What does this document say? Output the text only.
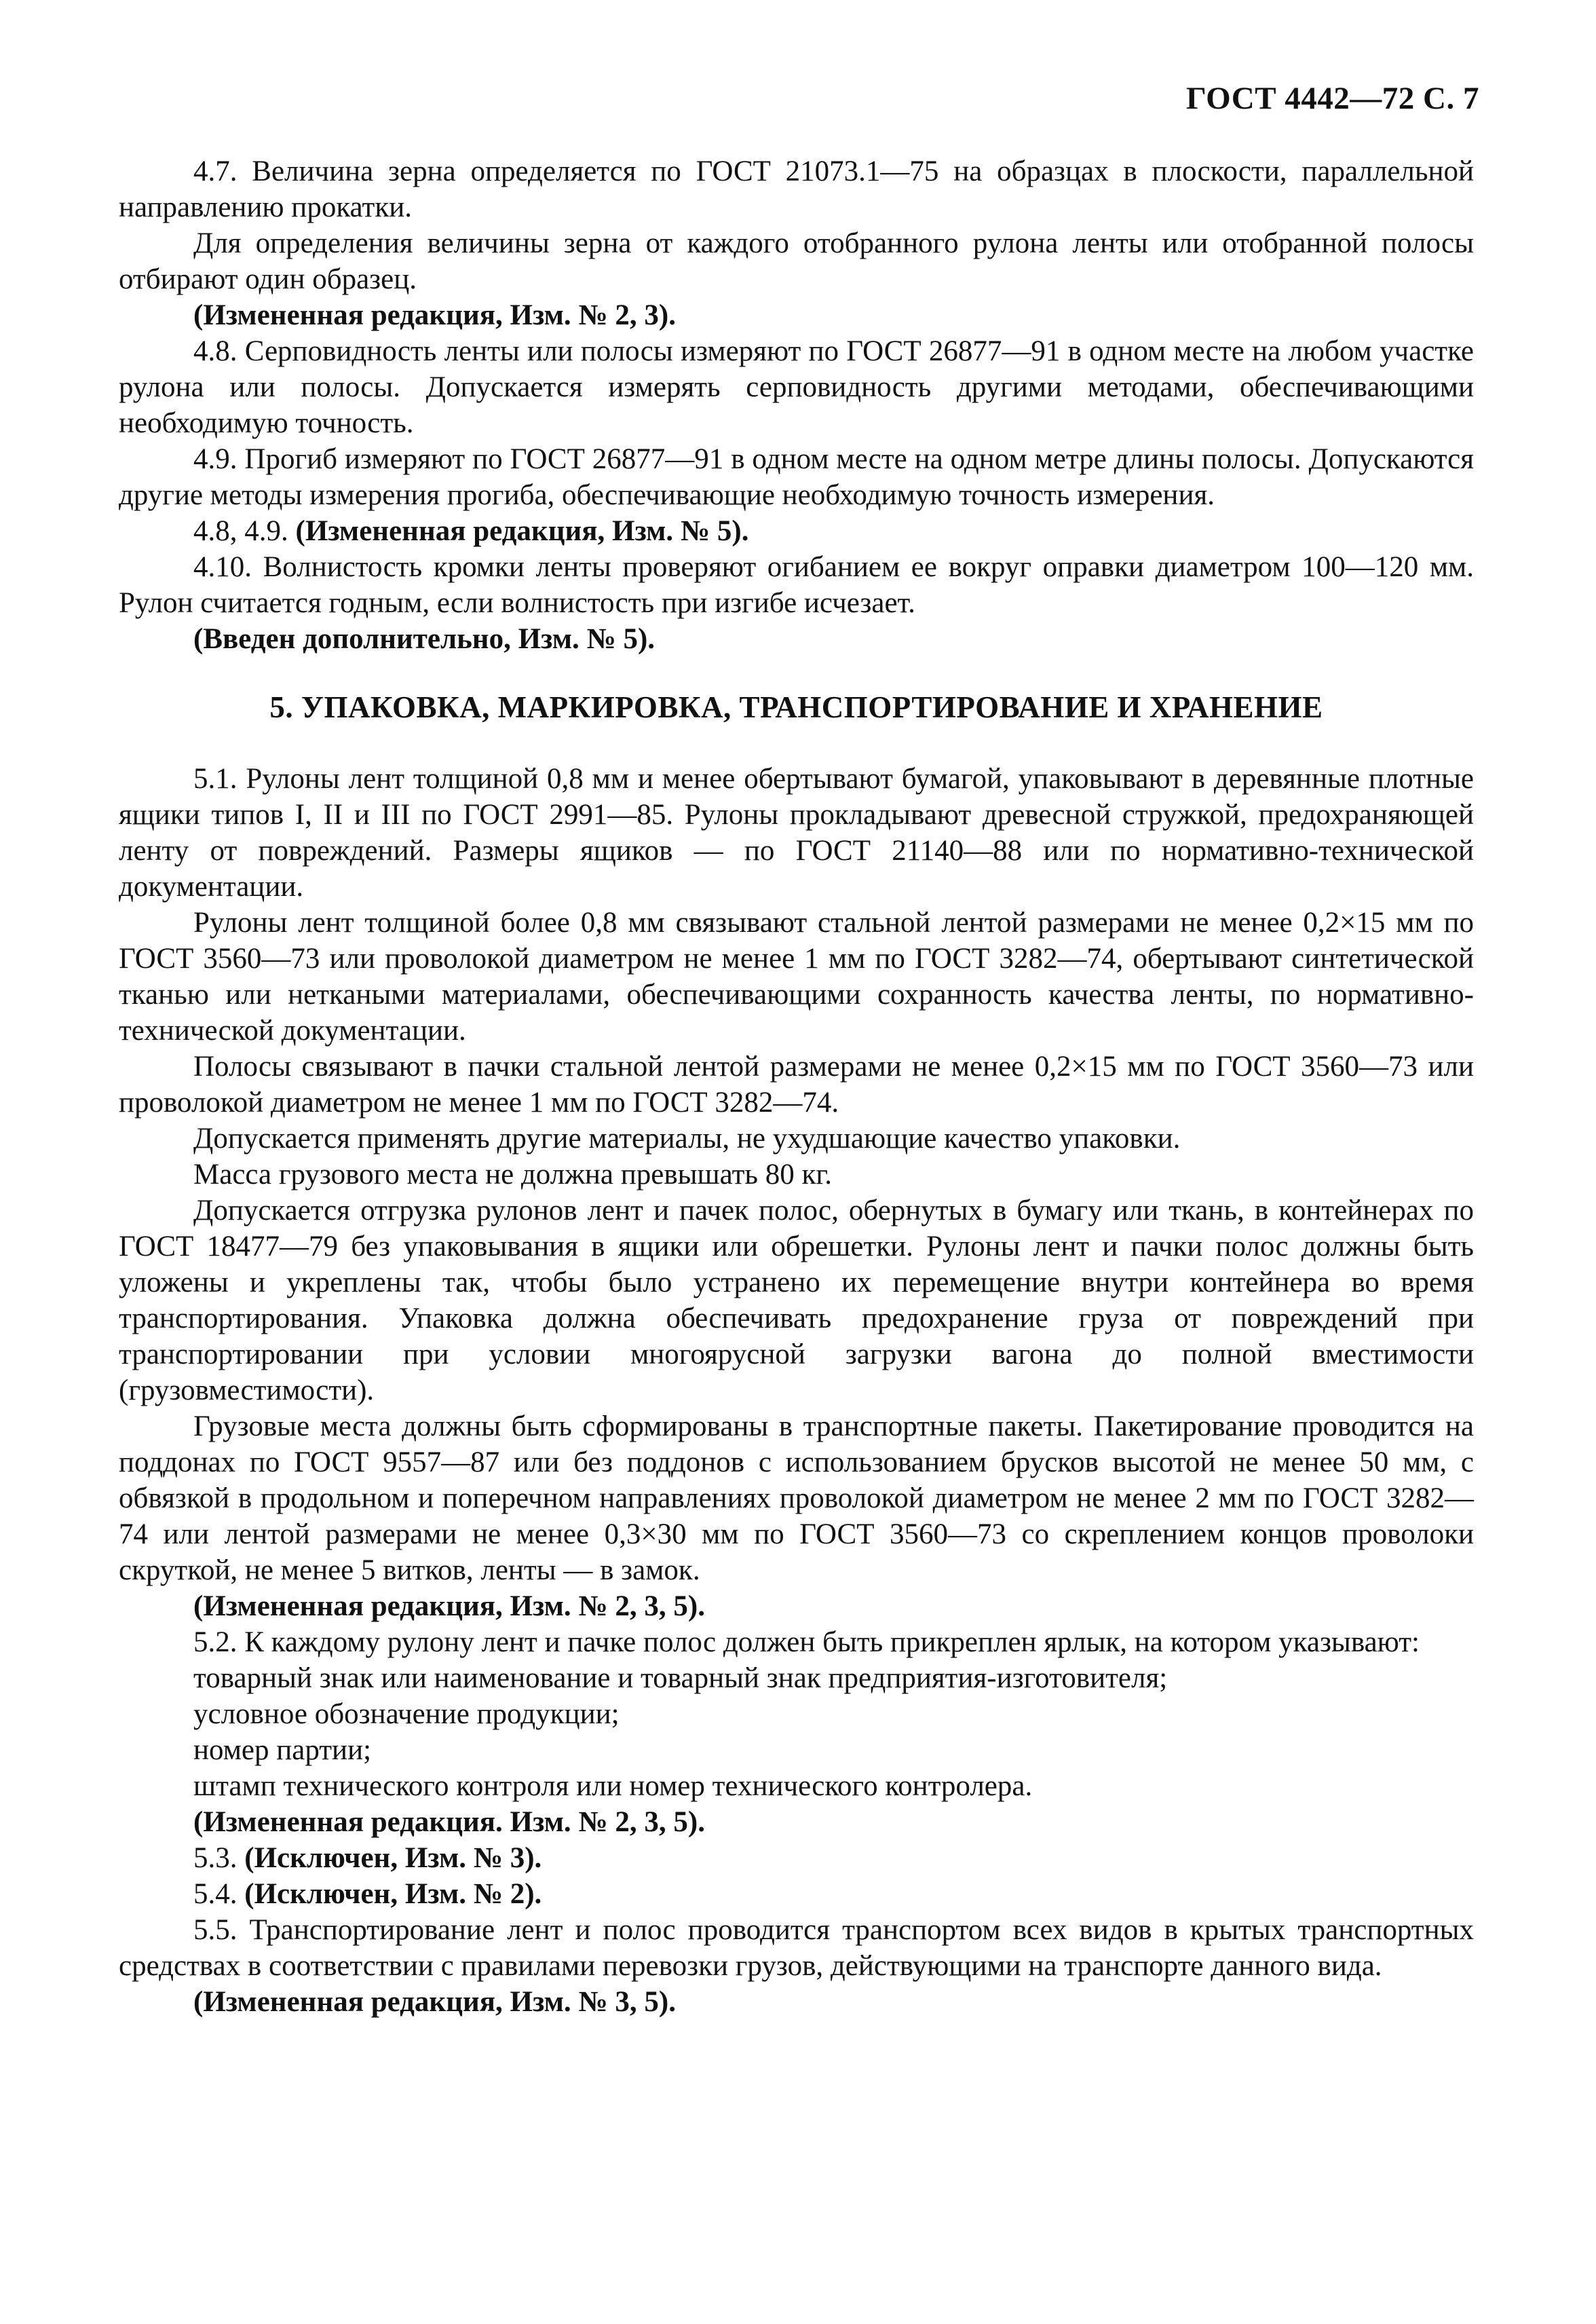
ГОСТ 4442—72 С. 7

4.7. Величина зерна определяется по ГОСТ 21073.1—75 на образцах в плоскости, параллельной направлению прокатки.

Для определения величины зерна от каждого отобранного рулона ленты или отобранной полосы отбирают один образец.

(Измененная редакция, Изм. № 2, 3).

4.8. Серповидность ленты или полосы измеряют по ГОСТ 26877—91 в одном месте на любом участке рулона или полосы. Допускается измерять серповидность другими методами, обеспечивающими необходимую точность.

4.9. Прогиб измеряют по ГОСТ 26877—91 в одном месте на одном метре длины полосы. Допускаются другие методы измерения прогиба, обеспечивающие необходимую точность измерения.

4.8, 4.9. (Измененная редакция, Изм. № 5).

4.10. Волнистость кромки ленты проверяют огибанием ее вокруг оправки диаметром 100—120 мм. Рулон считается годным, если волнистость при изгибе исчезает.

(Введен дополнительно, Изм. № 5).

5. УПАКОВКА, МАРКИРОВКА, ТРАНСПОРТИРОВАНИЕ И ХРАНЕНИЕ

5.1. Рулоны лент толщиной 0,8 мм и менее обертывают бумагой, упаковывают в деревянные плотные ящики типов I, II и III по ГОСТ 2991—85. Рулоны прокладывают древесной стружкой, предохраняющей ленту от повреждений. Размеры ящиков — по ГОСТ 21140—88 или по нормативно-технической документации.

Рулоны лент толщиной более 0,8 мм связывают стальной лентой размерами не менее 0,2×15 мм по ГОСТ 3560—73 или проволокой диаметром не менее 1 мм по ГОСТ 3282—74, обертывают синтетической тканью или неткаными материалами, обеспечивающими сохранность качества ленты, по нормативно-технической документации.

Полосы связывают в пачки стальной лентой размерами не менее 0,2×15 мм по ГОСТ 3560—73 или проволокой диаметром не менее 1 мм по ГОСТ 3282—74.

Допускается применять другие материалы, не ухудшающие качество упаковки.

Масса грузового места не должна превышать 80 кг.

Допускается отгрузка рулонов лент и пачек полос, обернутых в бумагу или ткань, в контейнерах по ГОСТ 18477—79 без упаковывания в ящики или обрешетки. Рулоны лент и пачки полос должны быть уложены и укреплены так, чтобы было устранено их перемещение внутри контейнера во время транспортирования. Упаковка должна обеспечивать предохранение груза от повреждений при транспортировании при условии многоярусной загрузки вагона до полной вместимости (грузовместимости).

Грузовые места должны быть сформированы в транспортные пакеты. Пакетирование проводится на поддонах по ГОСТ 9557—87 или без поддонов с использованием брусков высотой не менее 50 мм, с обвязкой в продольном и поперечном направлениях проволокой диаметром не менее 2 мм по ГОСТ 3282—74 или лентой размерами не менее 0,3×30 мм по ГОСТ 3560—73 со скреплением концов проволоки скруткой, не менее 5 витков, ленты — в замок.

(Измененная редакция, Изм. № 2, 3, 5).

5.2. К каждому рулону лент и пачке полос должен быть прикреплен ярлык, на котором указывают:

товарный знак или наименование и товарный знак предприятия-изготовителя;

условное обозначение продукции;

номер партии;

штамп технического контроля или номер технического контролера.

(Измененная редакция. Изм. № 2, 3, 5).

5.3. (Исключен, Изм. № 3).

5.4. (Исключен, Изм. № 2).

5.5. Транспортирование лент и полос проводится транспортом всех видов в крытых транспортных средствах в соответствии с правилами перевозки грузов, действующими на транспорте данного вида.

(Измененная редакция, Изм. № 3, 5).
